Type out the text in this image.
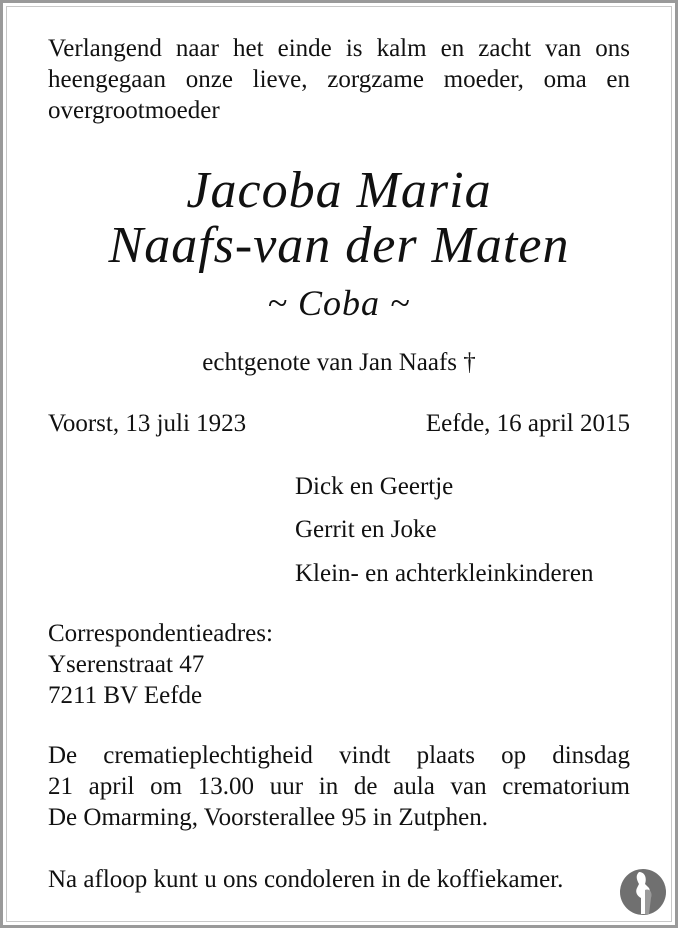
Verlangend naar het einde is kalm en zacht van ons
heengegaan onze lieve, zorgzame moeder, oma en
overgrootmoeder
Jacoba Maria
Naafs-van der Maten
~ Coba ~
echtgenote van Jan Naafs †
Voorst, 13 juli 1923	Eefde, 16 april 2015
Dick en Geertje
Gerrit en Joke
Klein- en achterkleinkinderen
Correspondentieadres:
Yserenstraat 47
7211 BV Eefde
De crematieplechtigheid vindt plaats op dinsdag
21 april om 13.00 uur in de aula van crematorium
De Omarming, Voorsterallee 95 in Zutphen.
Na afloop kunt u ons condoleren in de koffiekamer.
